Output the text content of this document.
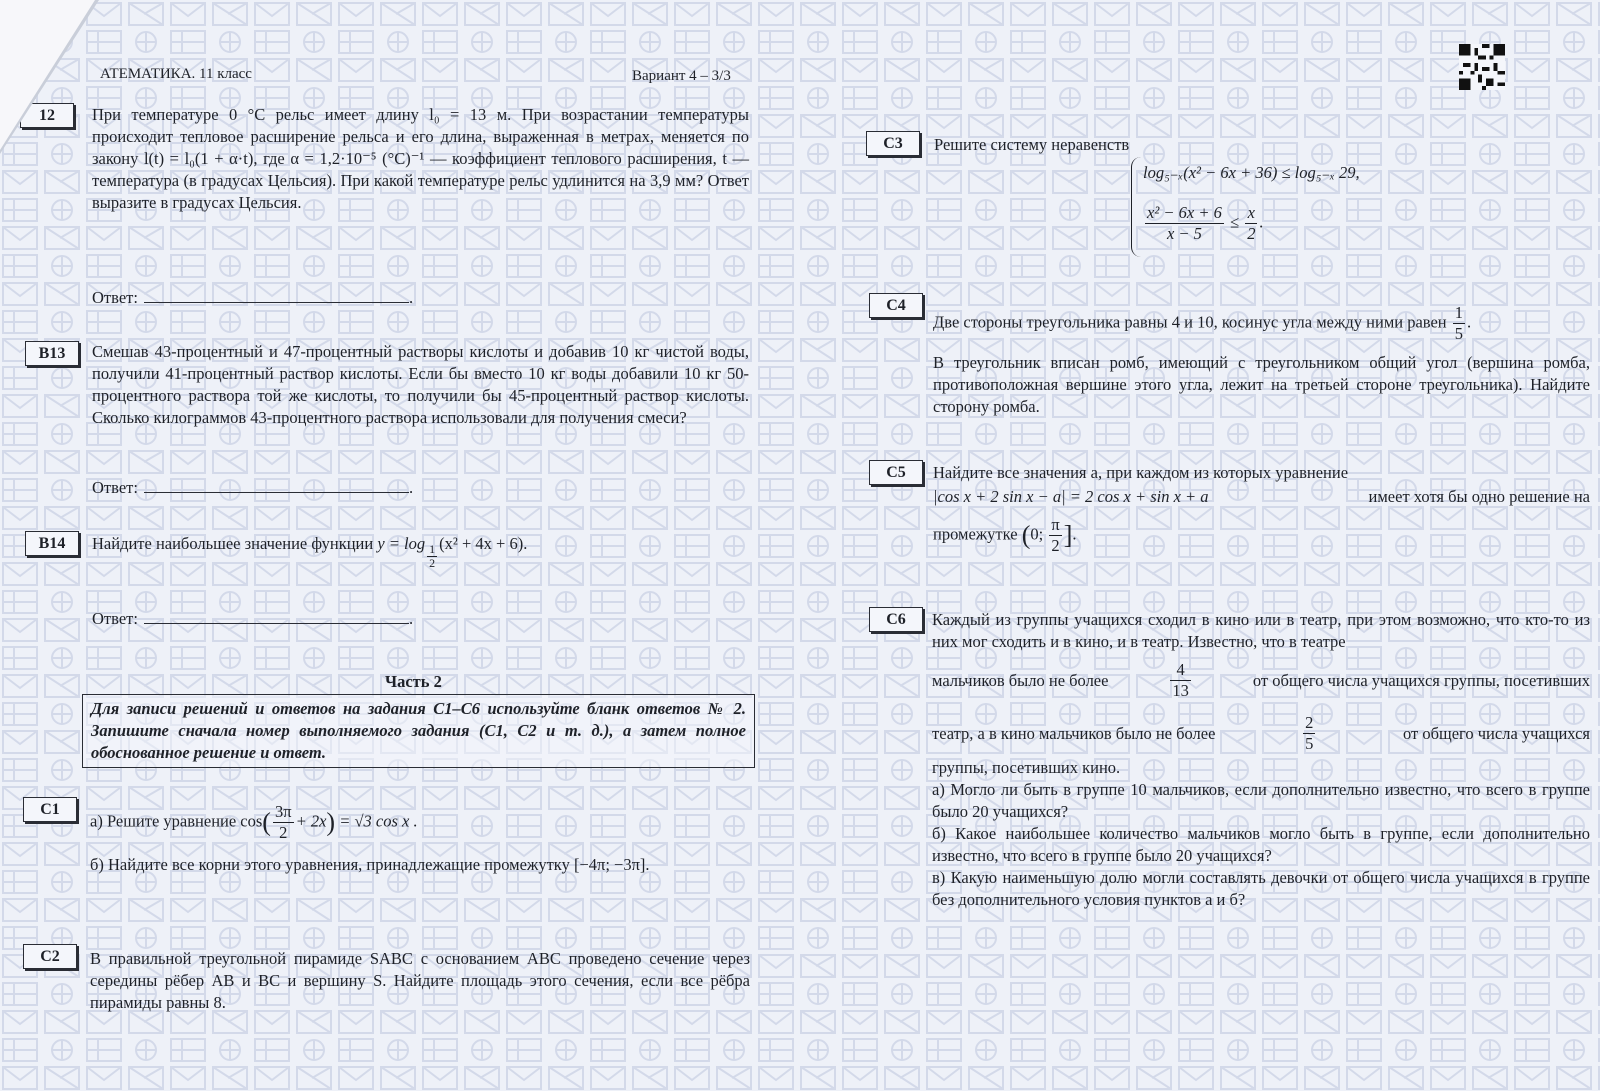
АТЕМАТИКА. 11 класс	Вариант 4 – 3/3
12	При температуре 0 °С рельс имеет длину l₀ = 13 м. При возрастании температуры происходит тепловое расширение рельса и его длина, выраженная в метрах, меняется по закону l(t) = l₀(1 + α·t), где α = 1,2·10⁻⁵ (°С)⁻¹ — коэффициент теплового расширения, t — температура (в градусах Цельсия). При какой температуре рельс удлинится на 3,9 мм? Ответ выразите в градусах Цельсия.

Ответ:	.
B13	Смешав 43-процентный и 47-процентный растворы кислоты и добавив 10 кг чистой воды, получили 41-процентный раствор кислоты. Если бы вместо 10 кг воды добавили 10 кг 50-процентного раствора той же кислоты, то получили бы 45-процентный раствор кислоты. Сколько килограммов 43-процентного раствора использовали для получения смеси?

Ответ:	.
B14	Найдите наибольшее значение функции $y = \log \frac{1}{2} (x^2 + 4x + 6)$.
Ответ:	.
Часть 2
Для записи решений и ответов на задания С1–С6 используйте бланк ответов № 2. Запишите сначала номер выполняемого задания (С1, С2 и т. д.), а затем полное обоснованное решение и ответ.
C1
а) Решите уравнение $\cos( \frac{3\pi}{2} + 2x) = √3$ cos x .

б) Найдите все корни этого уравнения, принадлежащие промежутку [−4π; −3π].

C2	В правильной треугольной пирамиде SABC с основанием ABC проведено сечение через середины рёбер AB и BC и вершину S. Найдите площадь этого сечения, если все рёбра пирамиды равны 8.

C3	Решите систему неравенств
log₅₋ₓ(x² − 6x + 36) ≤ log₅₋ₓ 29,
$\frac{\text{x² − 6x + 6}}{x - 5} \le \frac{x}{2}$ .
C4
Две стороны треугольника равны 4 и 10, косинус угла между ними равен $\frac{1}{5}$ .

В треугольник вписан ромб, имеющий с треугольником общий угол (вершина ромба, противоположная вершине этого угла, лежит на третьей стороне треугольника). Найдите сторону ромба.

C5	Найдите все значения a, при каждом из которых уравнение

|cos x + 2 sin x − a| = 2 cos x + sin x + a	имеет хотя бы одно решение на
промежутке (0; $\frac{\pi}{2}$ ].
C6	Каждый из группы учащихся сходил в кино или в театр, при этом возможно, что кто-то из них мог сходить и в кино, и в театр. Известно, что в театре

мальчиков было не более	$\frac{4}{13}$	от общего числа учащихся группы, посетивших
театр, а в кино мальчиков было не более	$\frac{2}{5}$	от общего числа учащихся

группы, посетивших кино.

а) Могло ли быть в группе 10 мальчиков, если дополнительно известно, что всего в группе было 20 учащихся?

б) Какое наибольшее количество мальчиков могло быть в группе, если дополнительно известно, что всего в группе было 20 учащихся?

в) Какую наименьшую долю могли составлять девочки от общего числа учащихся в группе без дополнительного условия пунктов а и б?
